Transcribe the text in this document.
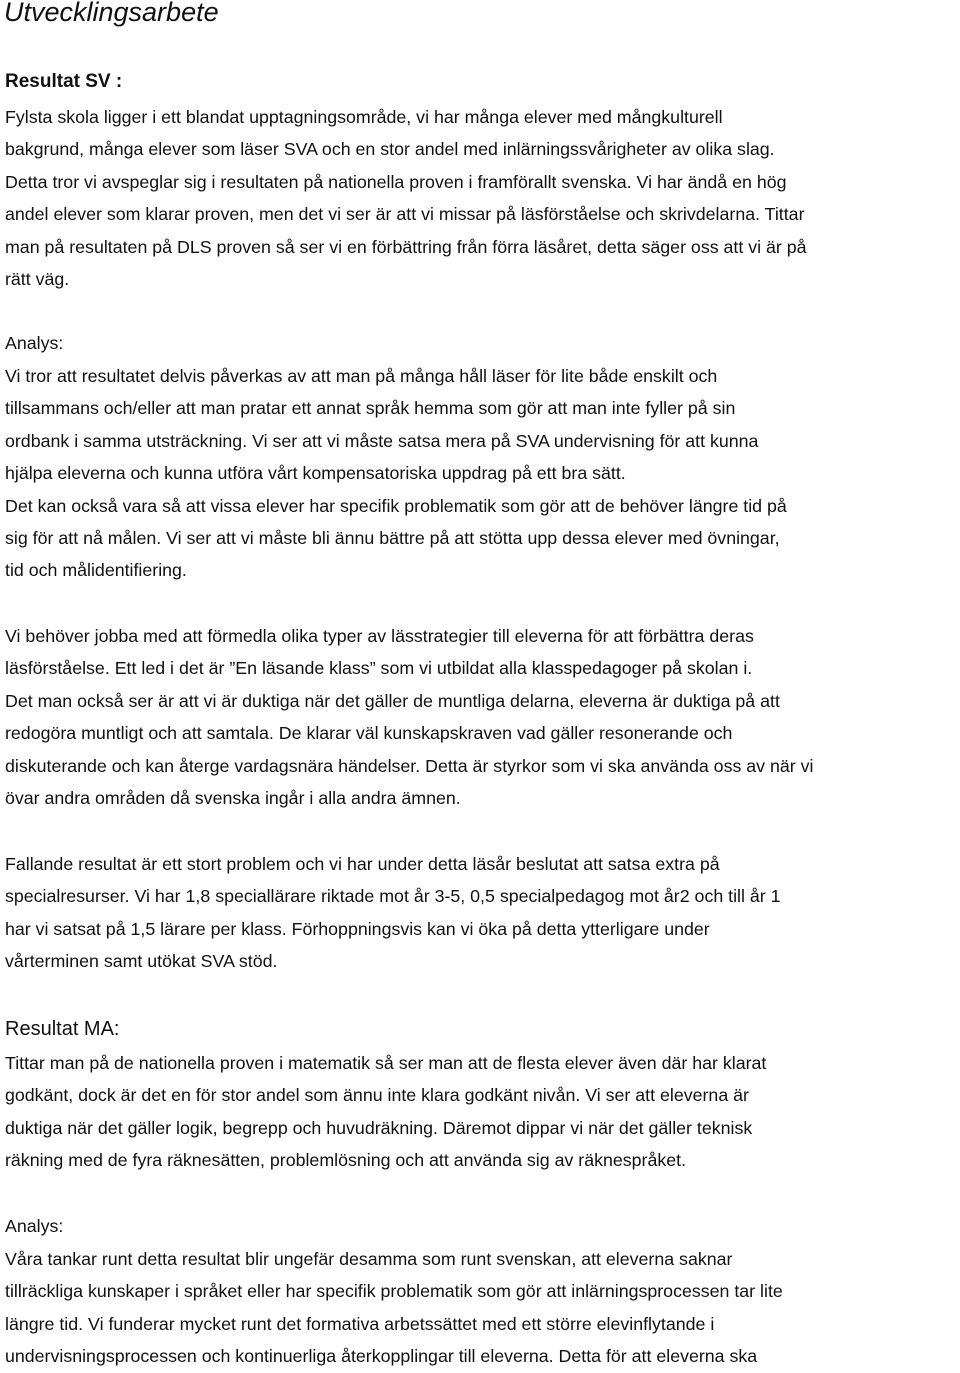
Utvecklingsarbete
Resultat SV :
Fylsta skola ligger i ett blandat upptagningsområde, vi har många elever med mångkulturell
bakgrund, många elever som läser SVA och en stor andel med inlärningssvårigheter av olika slag.
Detta tror vi avspeglar sig i resultaten på nationella proven i framförallt svenska. Vi har ändå en hög
andel elever som klarar proven, men det vi ser är att vi missar på läsförståelse och skrivdelarna. Tittar
man på resultaten på DLS proven så ser vi en förbättring från förra läsåret, detta säger oss att vi är på
rätt väg.
Analys:
Vi tror att resultatet delvis påverkas av att man på många håll läser för lite både enskilt och
tillsammans och/eller att man pratar ett annat språk hemma som gör att man inte fyller på sin
ordbank i samma utsträckning. Vi ser att vi måste satsa mera på SVA undervisning för att kunna
hjälpa eleverna och kunna utföra vårt kompensatoriska uppdrag på ett bra sätt.
Det kan också vara så att vissa elever har specifik problematik som gör att de behöver längre tid på
sig för att nå målen. Vi ser att vi måste bli ännu bättre på att stötta upp dessa elever med övningar,
tid och målidentifiering.
Vi behöver jobba med att förmedla olika typer av lässtrategier till eleverna för att förbättra deras
läsförståelse. Ett led i det är ”En läsande klass” som vi utbildat alla klasspedagoger på skolan i.
Det man också ser är att vi är duktiga när det gäller de muntliga delarna, eleverna är duktiga på att
redogöra muntligt och att samtala. De klarar väl kunskapskraven vad gäller resonerande och
diskuterande och kan återge vardagsnära händelser. Detta är styrkor som vi ska använda oss av när vi
övar andra områden då svenska ingår i alla andra ämnen.
Fallande resultat är ett stort problem och vi har under detta läsår beslutat att satsa extra på
specialresurser. Vi har 1,8 speciallärare riktade mot år 3-5, 0,5 specialpedagog mot år2 och till år 1
har vi satsat på 1,5 lärare per klass. Förhoppningsvis kan vi öka på detta ytterligare under
vårterminen samt utökat SVA stöd.
Resultat MA:
Tittar man på de nationella proven i matematik så ser man att de flesta elever även där har klarat
godkänt, dock är det en för stor andel som ännu inte klara godkänt nivån. Vi ser att eleverna är
duktiga när det gäller logik, begrepp och huvudräkning. Däremot dippar vi när det gäller teknisk
räkning med de fyra räknesätten, problemlösning och att använda sig av räknespråket.
Analys:
Våra tankar runt detta resultat blir ungefär desamma som runt svenskan, att eleverna saknar
tillräckliga kunskaper i språket eller har specifik problematik som gör att inlärningsprocessen tar lite
längre tid. Vi funderar mycket runt det formativa arbetssättet med ett större elevinflytande i
undervisningsprocessen och kontinuerliga återkopplingar till eleverna. Detta för att eleverna ska
